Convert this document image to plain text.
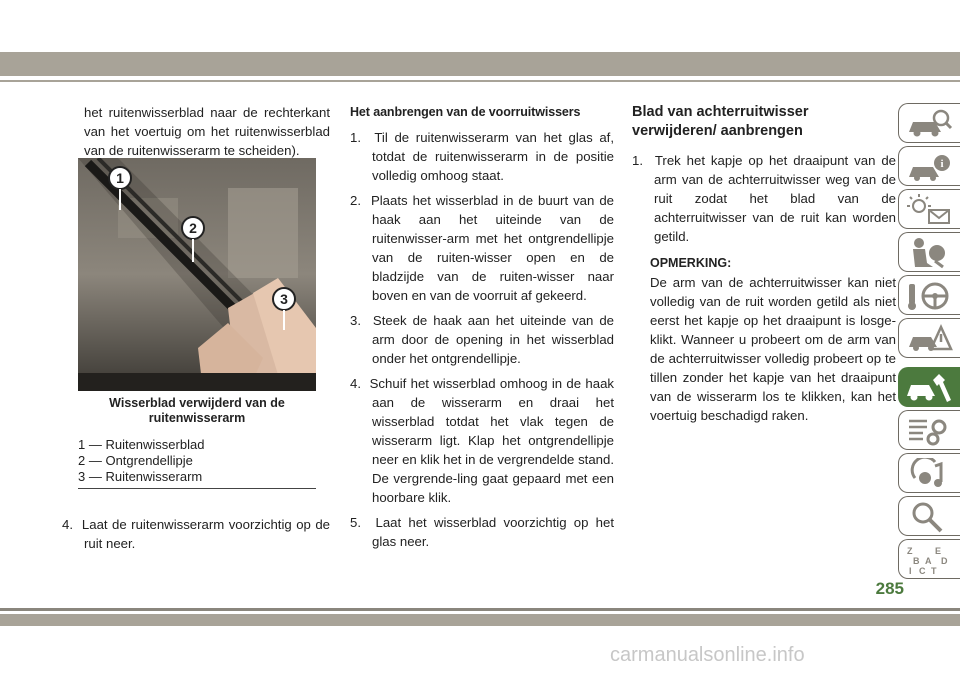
het ruitenwisserblad naar de rechterkant van het voertuig om het ruitenwisserblad van de ruitenwisserarm te scheiden).
1
2
3
Wisserblad verwijderd van de ruitenwisserarm
1 — Ruitenwisserblad
2 — Ontgrendellipje
3 — Ruitenwisserarm
4. Laat de ruitenwisserarm voorzichtig op de ruit neer.
Het aanbrengen van de voorruitwissers
1. Til de ruitenwisserarm van het glas af, totdat de ruitenwisserarm in de positie volledig omhoog staat.
2. Plaats het wisserblad in de buurt van de haak aan het uiteinde van de ruitenwisser-arm met het ontgrendellipje van de ruiten-wisser open en de bladzijde van de ruiten-wisser naar boven en van de voorruit af gekeerd.
3. Steek de haak aan het uiteinde van de arm door de opening in het wisserblad onder het ontgrendellipje.
4. Schuif het wisserblad omhoog in de haak aan de wisserarm en draai het wisserblad totdat het vlak tegen de wisserarm ligt. Klap het ontgrendellipje neer en klik het in de vergrendelde stand. De vergrende-ling gaat gepaard met een hoorbare klik.
5. Laat het wisserblad voorzichtig op het glas neer.
Blad van achterruitwisser verwijderen/ aanbrengen
1. Trek het kapje op het draaipunt van de arm van de achterruitwisser weg van de ruit zodat het blad van de achterruitwisser van de ruit kan worden getild.
OPMERKING:
De arm van de achterruitwisser kan niet volledig van de ruit worden getild als niet eerst het kapje op het draaipunt is losge-klikt. Wanneer u probeert om de arm van de achterruitwisser volledig probeert op te tillen zonder het kapje van het draaipunt van de wisserarm los te klikken, kan het voertuig beschadigd raken.
i
Z	E
B A D
I C T
285
carmanualsonline.info
